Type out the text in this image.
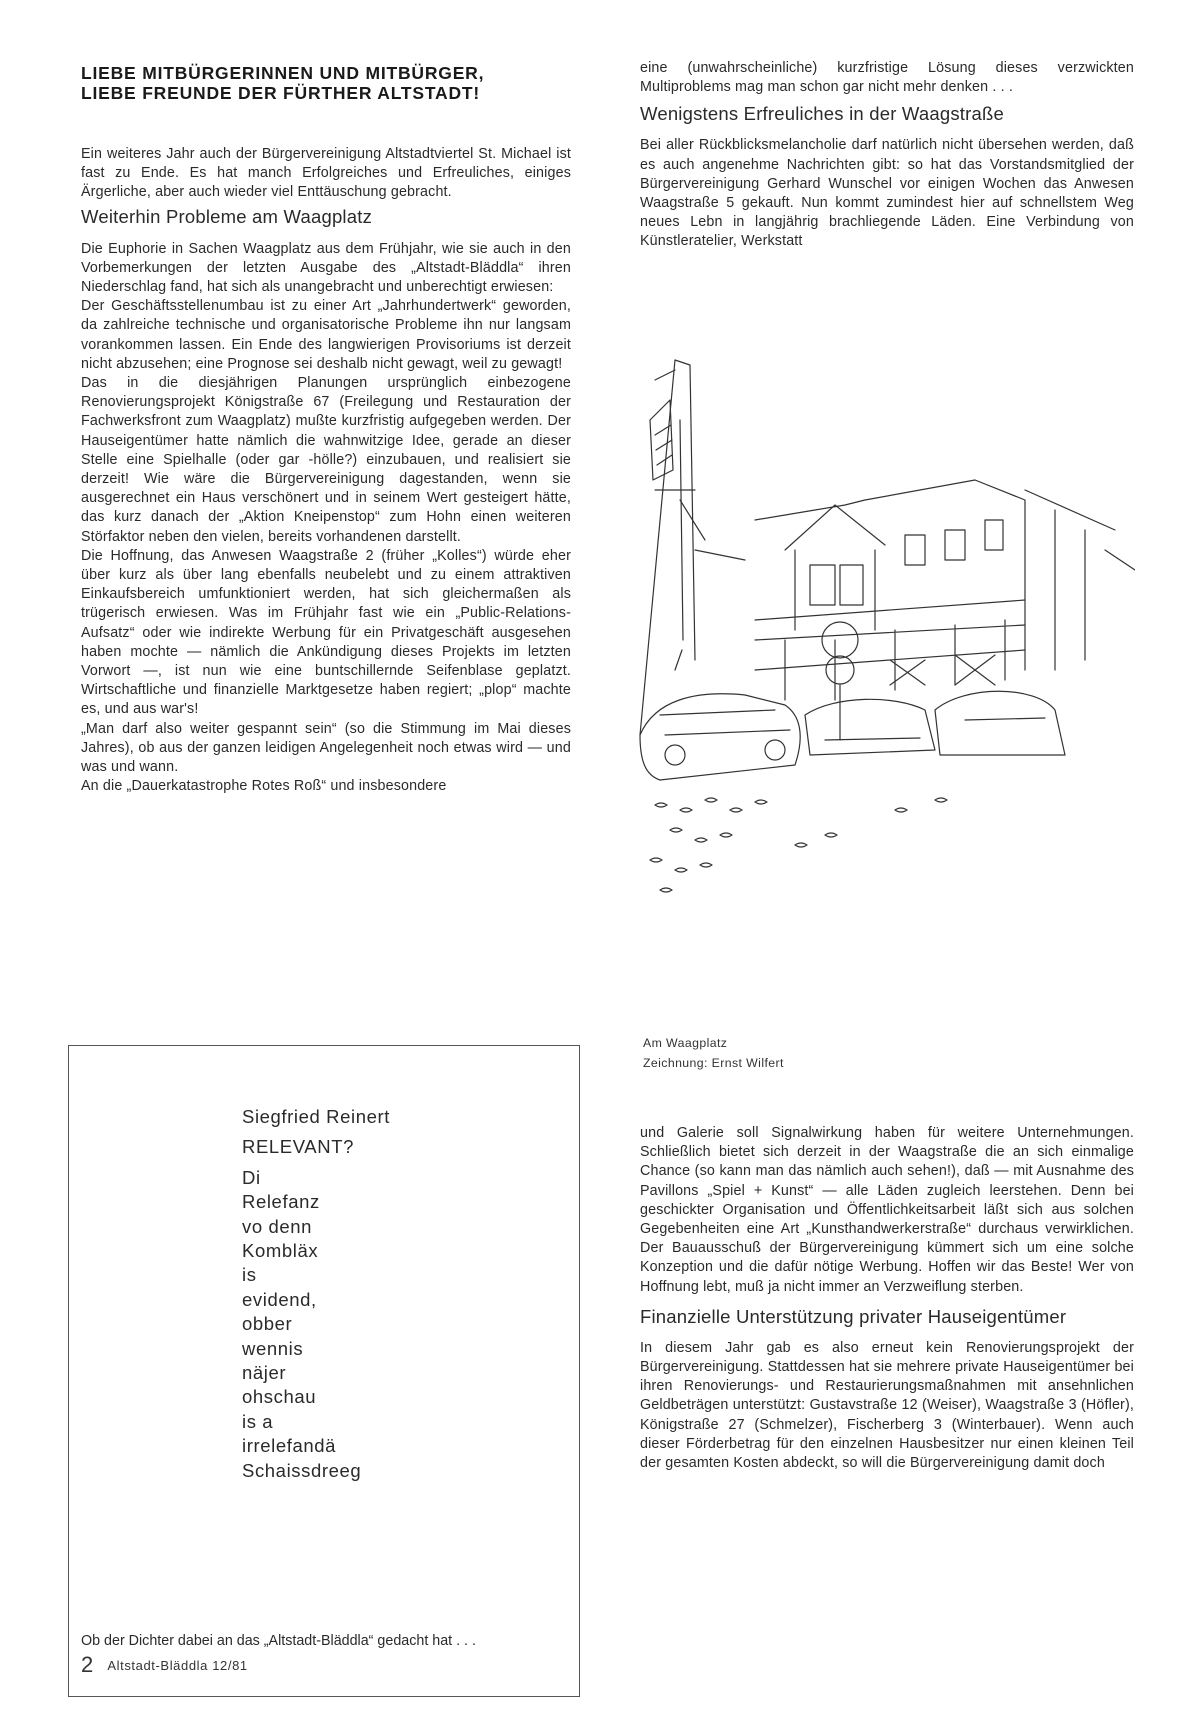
LIEBE MITBÜRGERINNEN UND MITBÜRGER,
LIEBE FREUNDE DER FÜRTHER ALTSTADT!

Ein weiteres Jahr auch der Bürgervereinigung Altstadtviertel St. Michael ist fast zu Ende. Es hat manch Erfolgreiches und Erfreuliches, einiges Ärgerliche, aber auch wieder viel Enttäuschung gebracht.

Weiterhin Probleme am Waagplatz

Die Euphorie in Sachen Waagplatz aus dem Frühjahr, wie sie auch in den Vorbemerkungen der letzten Ausgabe des „Altstadt-Bläddla“ ihren Niederschlag fand, hat sich als unangebracht und unberechtigt erwiesen:

Der Geschäftsstellenumbau ist zu einer Art „Jahrhundertwerk“ geworden, da zahlreiche technische und organisatorische Probleme ihn nur langsam vorankommen lassen. Ein Ende des langwierigen Provisoriums ist derzeit nicht abzusehen; eine Prognose sei deshalb nicht gewagt, weil zu gewagt!

Das in die diesjährigen Planungen ursprünglich einbezogene Renovierungsprojekt Königstraße 67 (Freilegung und Restauration der Fachwerksfront zum Waagplatz) mußte kurzfristig aufgegeben werden. Der Hauseigentümer hatte nämlich die wahnwitzige Idee, gerade an dieser Stelle eine Spielhalle (oder gar -hölle?) einzubauen, und realisiert sie derzeit! Wie wäre die Bürgervereinigung dagestanden, wenn sie ausgerechnet ein Haus verschönert und in seinem Wert gesteigert hätte, das kurz danach der „Aktion Kneipenstop“ zum Hohn einen weiteren Störfaktor neben den vielen, bereits vorhandenen darstellt.

Die Hoffnung, das Anwesen Waagstraße 2 (früher „Kolles“) würde eher über kurz als über lang ebenfalls neubelebt und zu einem attraktiven Einkaufsbereich umfunktioniert werden, hat sich gleichermaßen als trügerisch erwiesen. Was im Frühjahr fast wie ein „Public-Relations-Aufsatz“ oder wie indirekte Werbung für ein Privatgeschäft ausgesehen haben mochte — nämlich die Ankündigung dieses Projekts im letzten Vorwort —, ist nun wie eine buntschillernde Seifenblase geplatzt. Wirtschaftliche und finanzielle Marktgesetze haben regiert; „plop“ machte es, und aus war's!

„Man darf also weiter gespannt sein“ (so die Stimmung im Mai dieses Jahres), ob aus der ganzen leidigen Angelegenheit noch etwas wird — und was und wann.

An die „Dauerkatastrophe Rotes Roß“ und insbesondere

eine (unwahrscheinliche) kurzfristige Lösung dieses verzwickten Multiproblems mag man schon gar nicht mehr denken . . .

Wenigstens Erfreuliches in der Waagstraße

Bei aller Rückblicksmelancholie darf natürlich nicht übersehen werden, daß es auch angenehme Nachrichten gibt: so hat das Vorstandsmitglied der Bürgervereinigung Gerhard Wunschel vor einigen Wochen das Anwesen Waagstraße 5 gekauft. Nun kommt zumindest hier auf schnellstem Weg neues Lebn in langjährig brachliegende Läden. Eine Verbindung von Künstleratelier, Werkstatt

Am Waagplatz
Zeichnung: Ernst Wilfert

und Galerie soll Signalwirkung haben für weitere Unternehmungen. Schließlich bietet sich derzeit in der Waagstraße die an sich einmalige Chance (so kann man das nämlich auch sehen!), daß — mit Ausnahme des Pavillons „Spiel + Kunst“ — alle Läden zugleich leerstehen. Denn bei geschickter Organisation und Öffentlichkeitsarbeit läßt sich aus solchen Gegebenheiten eine Art „Kunsthandwerkerstraße“ durchaus verwirklichen. Der Bauausschuß der Bürgervereinigung kümmert sich um eine solche Konzeption und die dafür nötige Werbung. Hoffen wir das Beste! Wer von Hoffnung lebt, muß ja nicht immer an Verzweiflung sterben.

Finanzielle Unterstützung privater Hauseigentümer

In diesem Jahr gab es also erneut kein Renovierungsprojekt der Bürgervereinigung. Stattdessen hat sie mehrere private Hauseigentümer bei ihren Renovierungs- und Restaurierungsmaßnahmen mit ansehnlichen Geldbeträgen unterstützt: Gustavstraße 12 (Weiser), Waagstraße 3 (Höfler), Königstraße 27 (Schmelzer), Fischerberg 3 (Winterbauer). Wenn auch dieser Förderbetrag für den einzelnen Hausbesitzer nur einen kleinen Teil der gesamten Kosten abdeckt, so will die Bürgervereinigung damit doch

Siegfried Reinert
RELEVANT?
Di
Relefanz
vo denn
Kombläx
is
evidend,
obber
wennis
näjer
ohschau
is a
irrelefandä
Schaissdreeg

Ob der Dichter dabei an das „Altstadt-Bläddla“ gedacht hat . . .

2 Altstadt-Bläddla 12/81
